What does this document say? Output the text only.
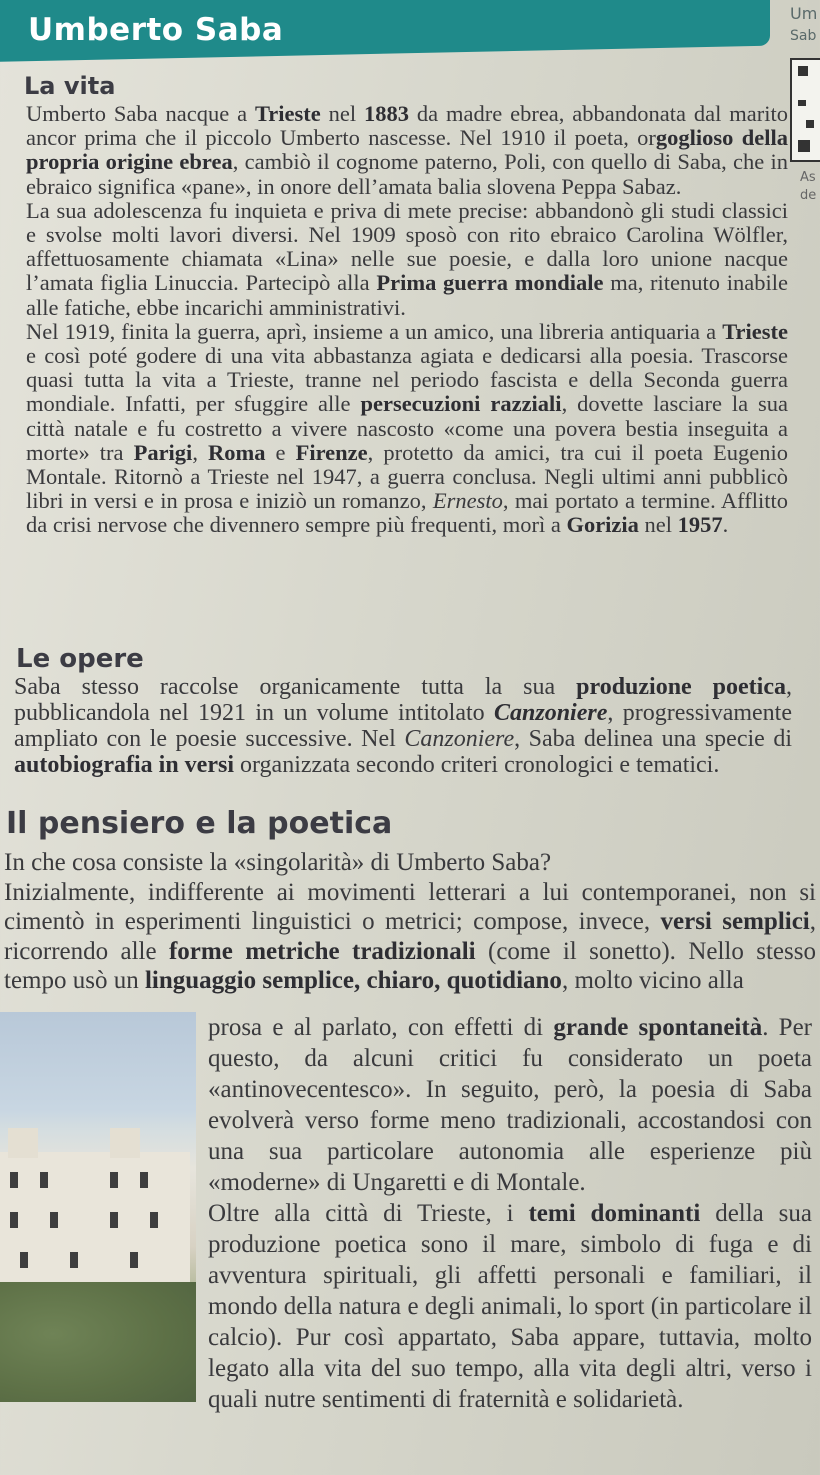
Umberto Saba	Um
Sab
As
de
La vita

Umberto Saba nacque a Trieste nel 1883 da madre ebrea, abbandonata dal marito ancor prima che il piccolo Umberto nascesse. Nel 1910 il poeta, orgoglioso della propria origine ebrea, cambiò il cognome paterno, Poli, con quello di Saba, che in ebraico significa «pane», in onore dell’amata balia slovena Peppa Sabaz.
La sua adolescenza fu inquieta e priva di mete precise: abbandonò gli studi classici e svolse molti lavori diversi. Nel 1909 sposò con rito ebraico Carolina Wölfler, affettuosamente chiamata «Lina» nelle sue poesie, e dalla loro unione nacque l’amata figlia Linuccia. Partecipò alla Prima guerra mondiale ma, ritenuto inabile alle fatiche, ebbe incarichi amministrativi.
Nel 1919, finita la guerra, aprì, insieme a un amico, una libreria antiquaria a Trieste e così poté godere di una vita abbastanza agiata e dedicarsi alla poesia. Trascorse quasi tutta la vita a Trieste, tranne nel periodo fascista e della Seconda guerra mondiale. Infatti, per sfuggire alle persecuzioni razziali, dovette lasciare la sua città natale e fu costretto a vivere nascosto «come una povera bestia inseguita a morte» tra Parigi, Roma e Firenze, protetto da amici, tra cui il poeta Eugenio Montale. Ritornò a Trieste nel 1947, a guerra conclusa. Negli ultimi anni pubblicò libri in versi e in prosa e iniziò un romanzo, Ernesto, mai portato a termine. Afflitto da crisi nervose che divennero sempre più frequenti, morì a Gorizia nel 1957.

Le opere

Saba stesso raccolse organicamente tutta la sua produzione poetica, pubblicandola nel 1921 in un volume intitolato Canzoniere, progressivamente ampliato con le poesie successive. Nel Canzoniere, Saba delinea una specie di autobiografia in versi organizzata secondo criteri cronologici e tematici.

Il pensiero e la poetica

In che cosa consiste la «singolarità» di Umberto Saba?
Inizialmente, indifferente ai movimenti letterari a lui contemporanei, non si cimentò in esperimenti linguistici o metrici; compose, invece, versi semplici, ricorrendo alle forme metriche tradizionali (come il sonetto). Nello stesso tempo usò un linguaggio semplice, chiaro, quotidiano, molto vicino alla

prosa e al parlato, con effetti di grande spontaneità. Per questo, da alcuni critici fu considerato un poeta «antinovecentesco». In seguito, però, la poesia di Saba evolverà verso forme meno tradizionali, accostandosi con una sua particolare autonomia alle esperienze più «moderne» di Ungaretti e di Montale.
Oltre alla città di Trieste, i temi dominanti della sua produzione poetica sono il mare, simbolo di fuga e di avventura spirituali, gli affetti personali e familiari, il mondo della natura e degli animali, lo sport (in particolare il calcio). Pur così appartato, Saba appare, tuttavia, molto legato alla vita del suo tempo, alla vita degli altri, verso i quali nutre sentimenti di fraternità e solidarietà.
